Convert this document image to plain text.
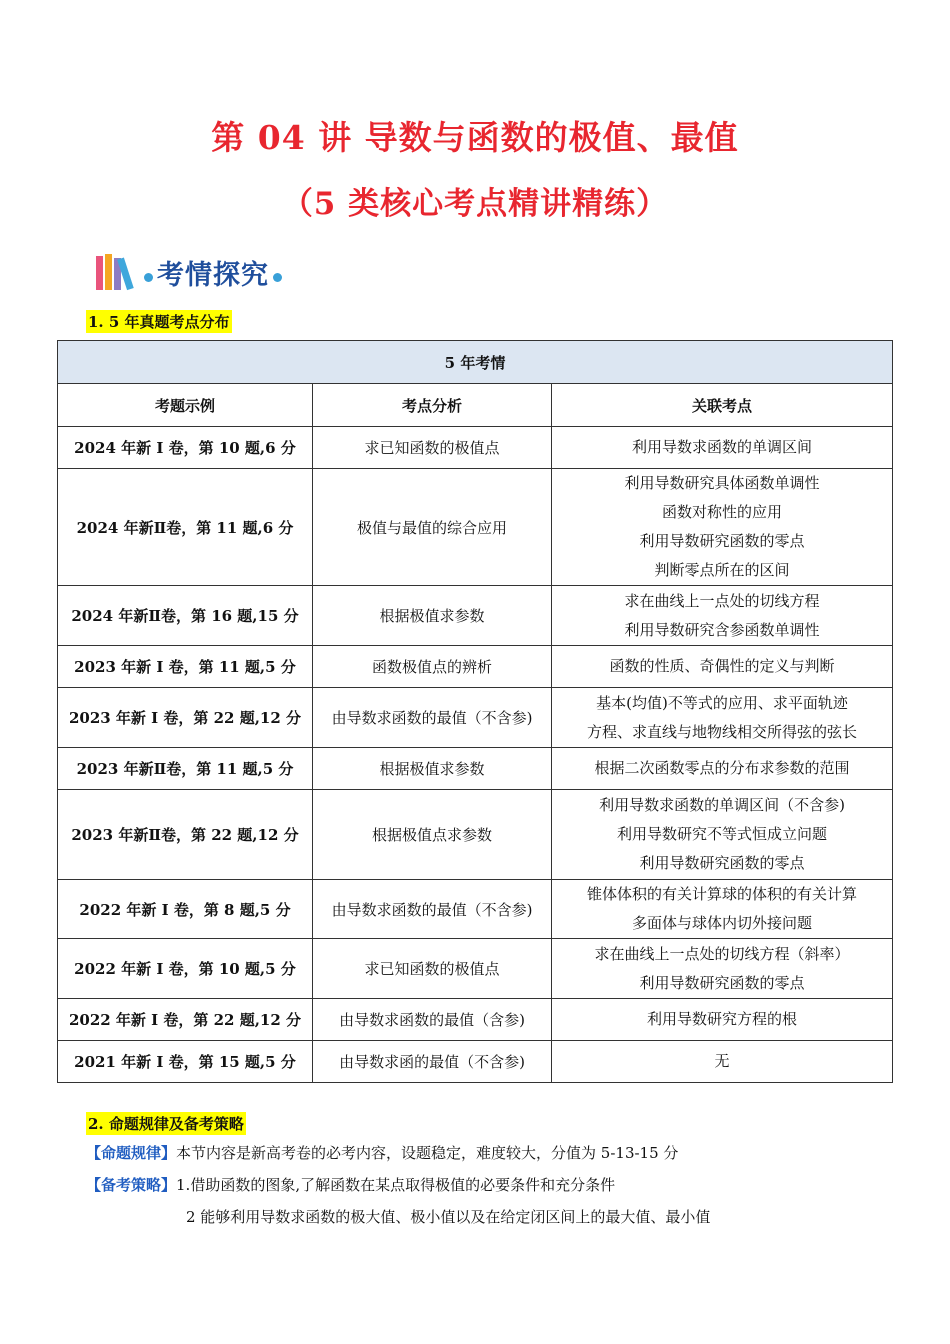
第 04 讲 导数与函数的极值、最值
（5 类核心考点精讲精练）
考情探究
1. 5 年真题考点分布
5 年考情		
考题示例	考点分析	关联考点
2024 年新 I 卷，第 10 题,6 分	求已知函数的极值点	利用导数求函数的单调区间

2024 年新Ⅱ卷，第 11 题,6 分	极值与最值的综合应用	利用导数研究具体函数单调性
函数对称性的应用
利用导数研究函数的零点
判断零点所在的区间

2024 年新Ⅱ卷，第 16 题,15 分	根据极值求参数	求在曲线上一点处的切线方程
利用导数研究含参函数单调性

2023 年新 I 卷，第 11 题,5 分	函数极值点的辨析	函数的性质、奇偶性的定义与判断

2023 年新 I 卷，第 22 题,12 分	由导数求函数的最值（不含参)	基本(均值)不等式的应用、求平面轨迹
方程、求直线与地物线相交所得弦的弦长

2023 年新Ⅱ卷，第 11 题,5 分	根据极值求参数	根据二次函数零点的分布求参数的范围

2023 年新Ⅱ卷，第 22 题,12 分	根据极值点求参数	利用导数求函数的单调区间（不含参)
利用导数研究不等式恒成立问题
利用导数研究函数的零点

2022 年新 I 卷，第 8 题,5 分	由导数求函数的最值（不含参)	锥体体积的有关计算球的体积的有关计算
多面体与球体内切外接问题

2022 年新 I 卷，第 10 题,5 分	求已知函数的极值点	求在曲线上一点处的切线方程（斜率）
利用导数研究函数的零点

2022 年新 I 卷，第 22 题,12 分	由导数求函数的最值（含参)	利用导数研究方程的根

2021 年新 I 卷，第 15 题,5 分	由导数求函的最值（不含参)	无
2. 命题规律及备考策略
【命题规律】本节内容是新高考卷的必考内容，设题稳定，难度较大，分值为 5-13-15 分
【备考策略】1.借助函数的图象,了解函数在某点取得极值的必要条件和充分条件
2 能够利用导数求函数的极大值、极小值以及在给定闭区间上的最大值、最小值
